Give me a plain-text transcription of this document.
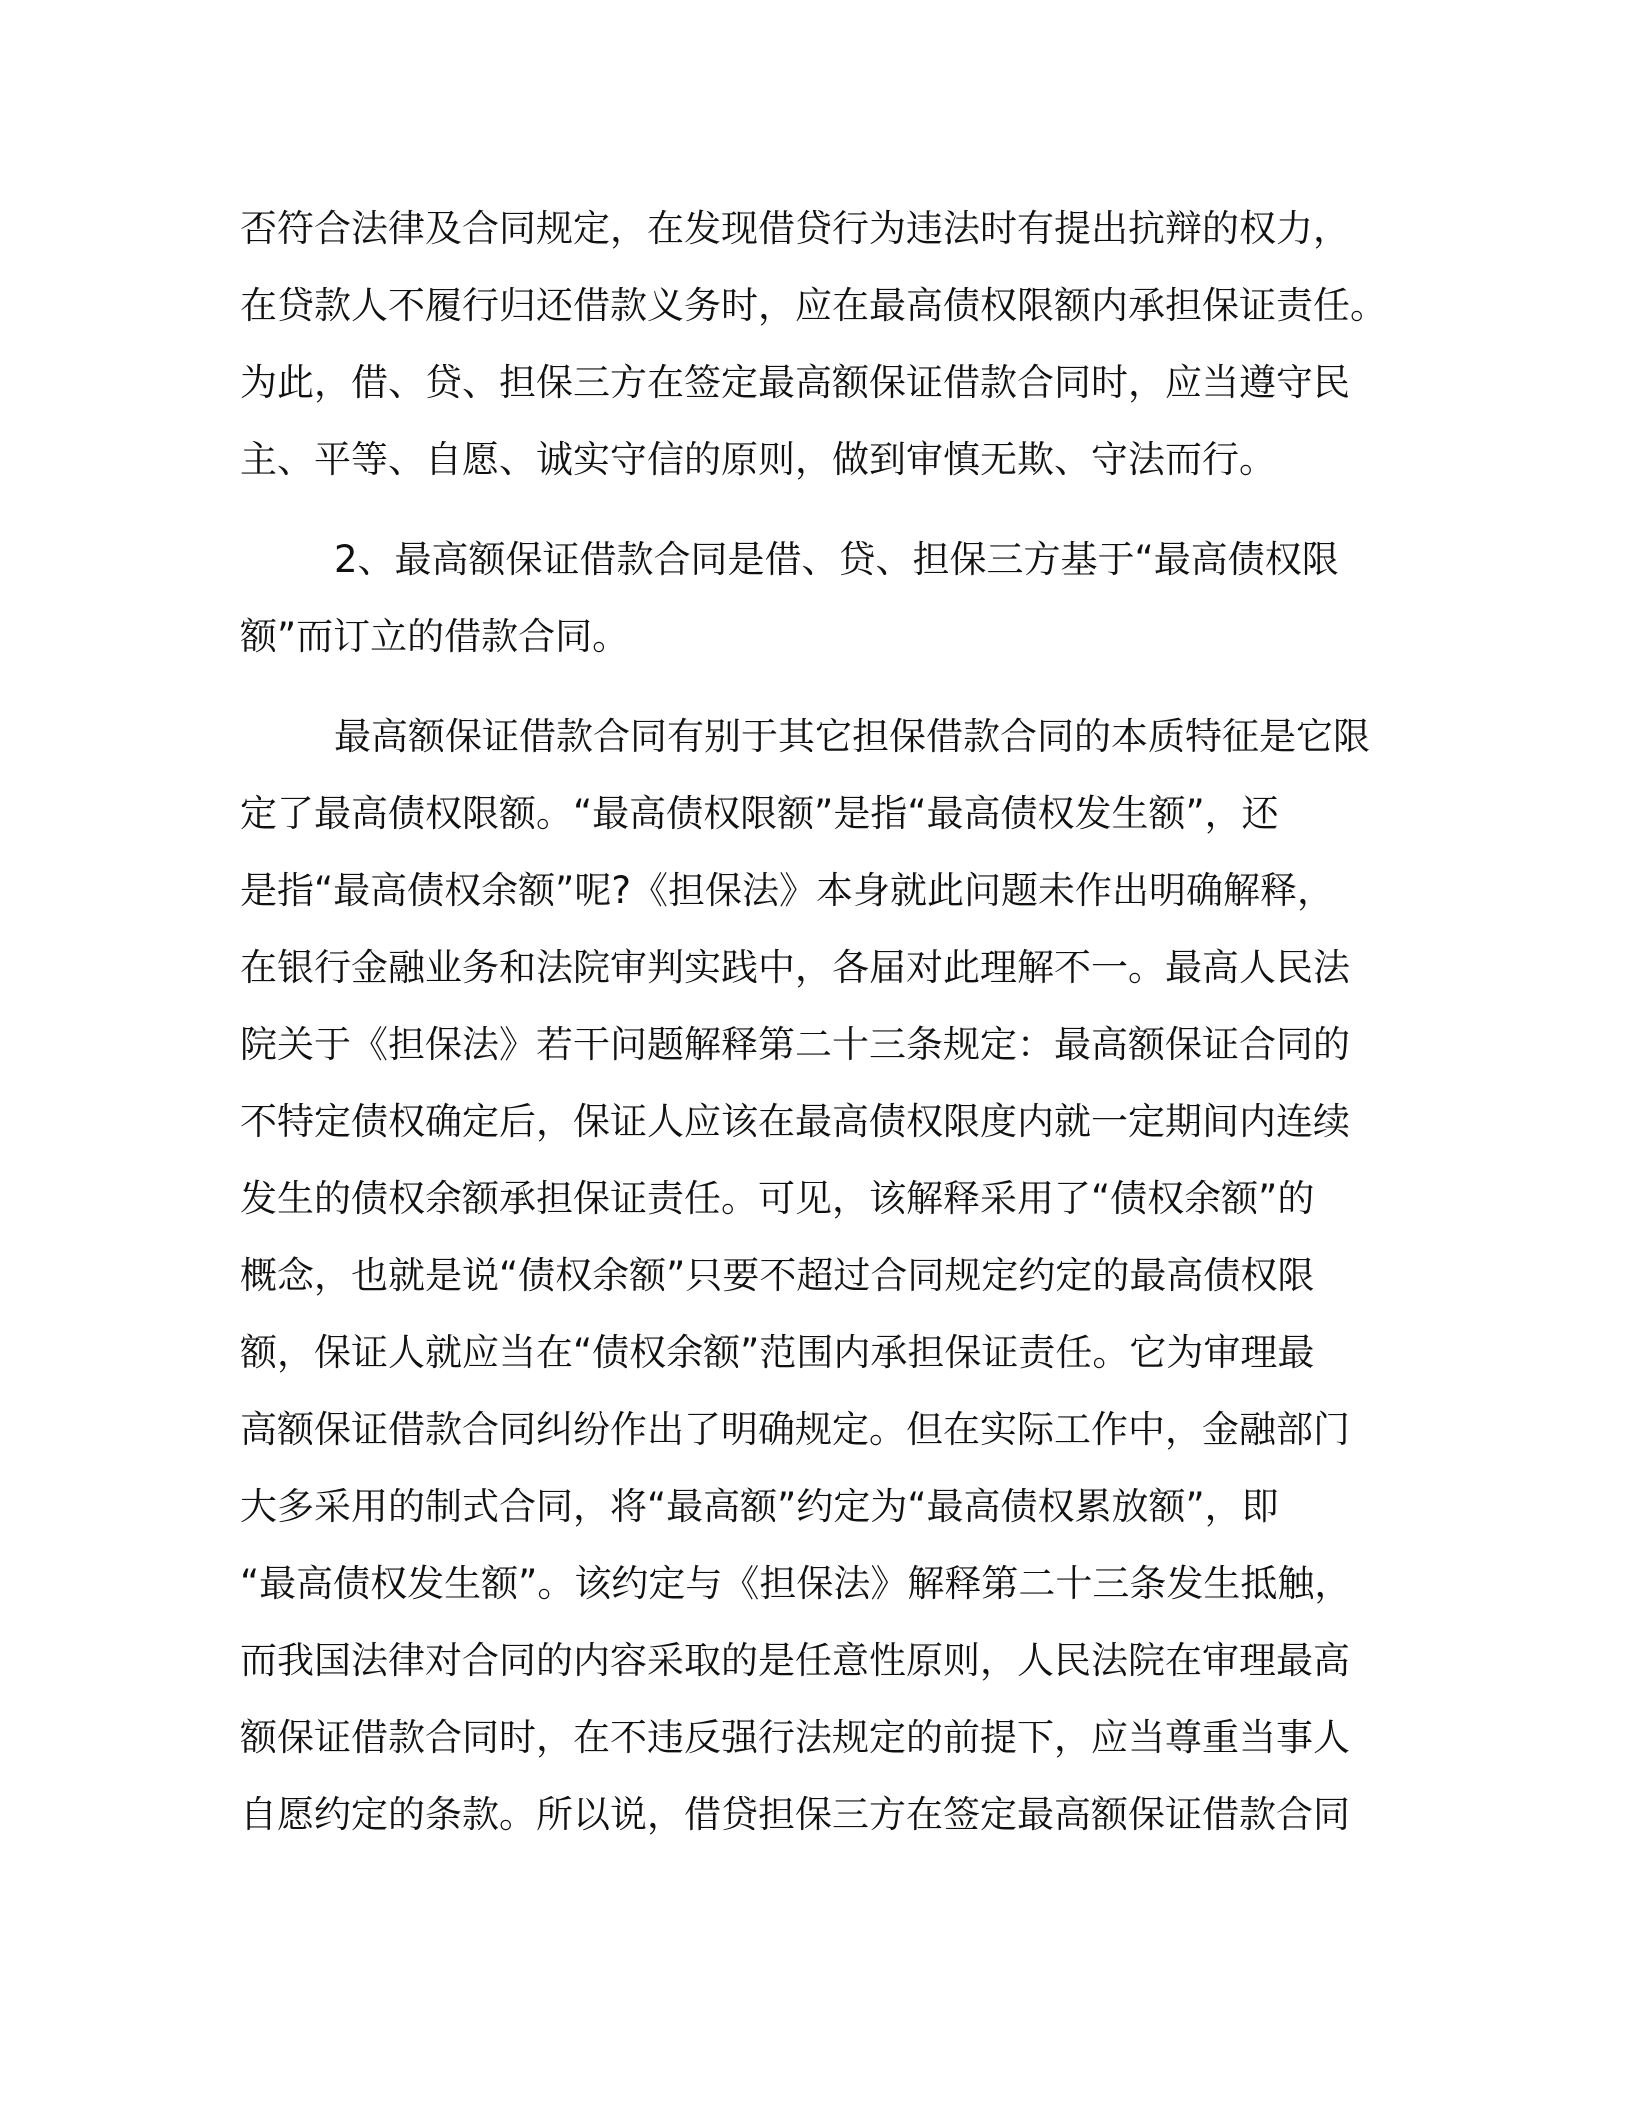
否符合法律及合同规定，在发现借贷行为违法时有提出抗辩的权力，
在贷款人不履行归还借款义务时，应在最高债权限额内承担保证责任。
为此，借、贷、担保三方在签定最高额保证借款合同时，应当遵守民
主、平等、自愿、诚实守信的原则，做到审慎无欺、守法而行。
2、最高额保证借款合同是借、贷、担保三方基于“最高债权限
额”而订立的借款合同。
最高额保证借款合同有别于其它担保借款合同的本质特征是它限
定了最高债权限额。“最高债权限额”是指“最高债权发生额”，还
是指“最高债权余额”呢?《担保法》本身就此问题未作出明确解释，
在银行金融业务和法院审判实践中，各届对此理解不一。最高人民法
院关于《担保法》若干问题解释第二十三条规定：最高额保证合同的
不特定债权确定后，保证人应该在最高债权限度内就一定期间内连续
发生的债权余额承担保证责任。可见，该解释采用了“债权余额”的
概念，也就是说“债权余额”只要不超过合同规定约定的最高债权限
额，保证人就应当在“债权余额”范围内承担保证责任。它为审理最
高额保证借款合同纠纷作出了明确规定。但在实际工作中，金融部门
大多采用的制式合同，将“最高额”约定为“最高债权累放额”，即
“最高债权发生额”。该约定与《担保法》解释第二十三条发生抵触，
而我国法律对合同的内容采取的是任意性原则，人民法院在审理最高
额保证借款合同时，在不违反强行法规定的前提下，应当尊重当事人
自愿约定的条款。所以说，借贷担保三方在签定最高额保证借款合同
